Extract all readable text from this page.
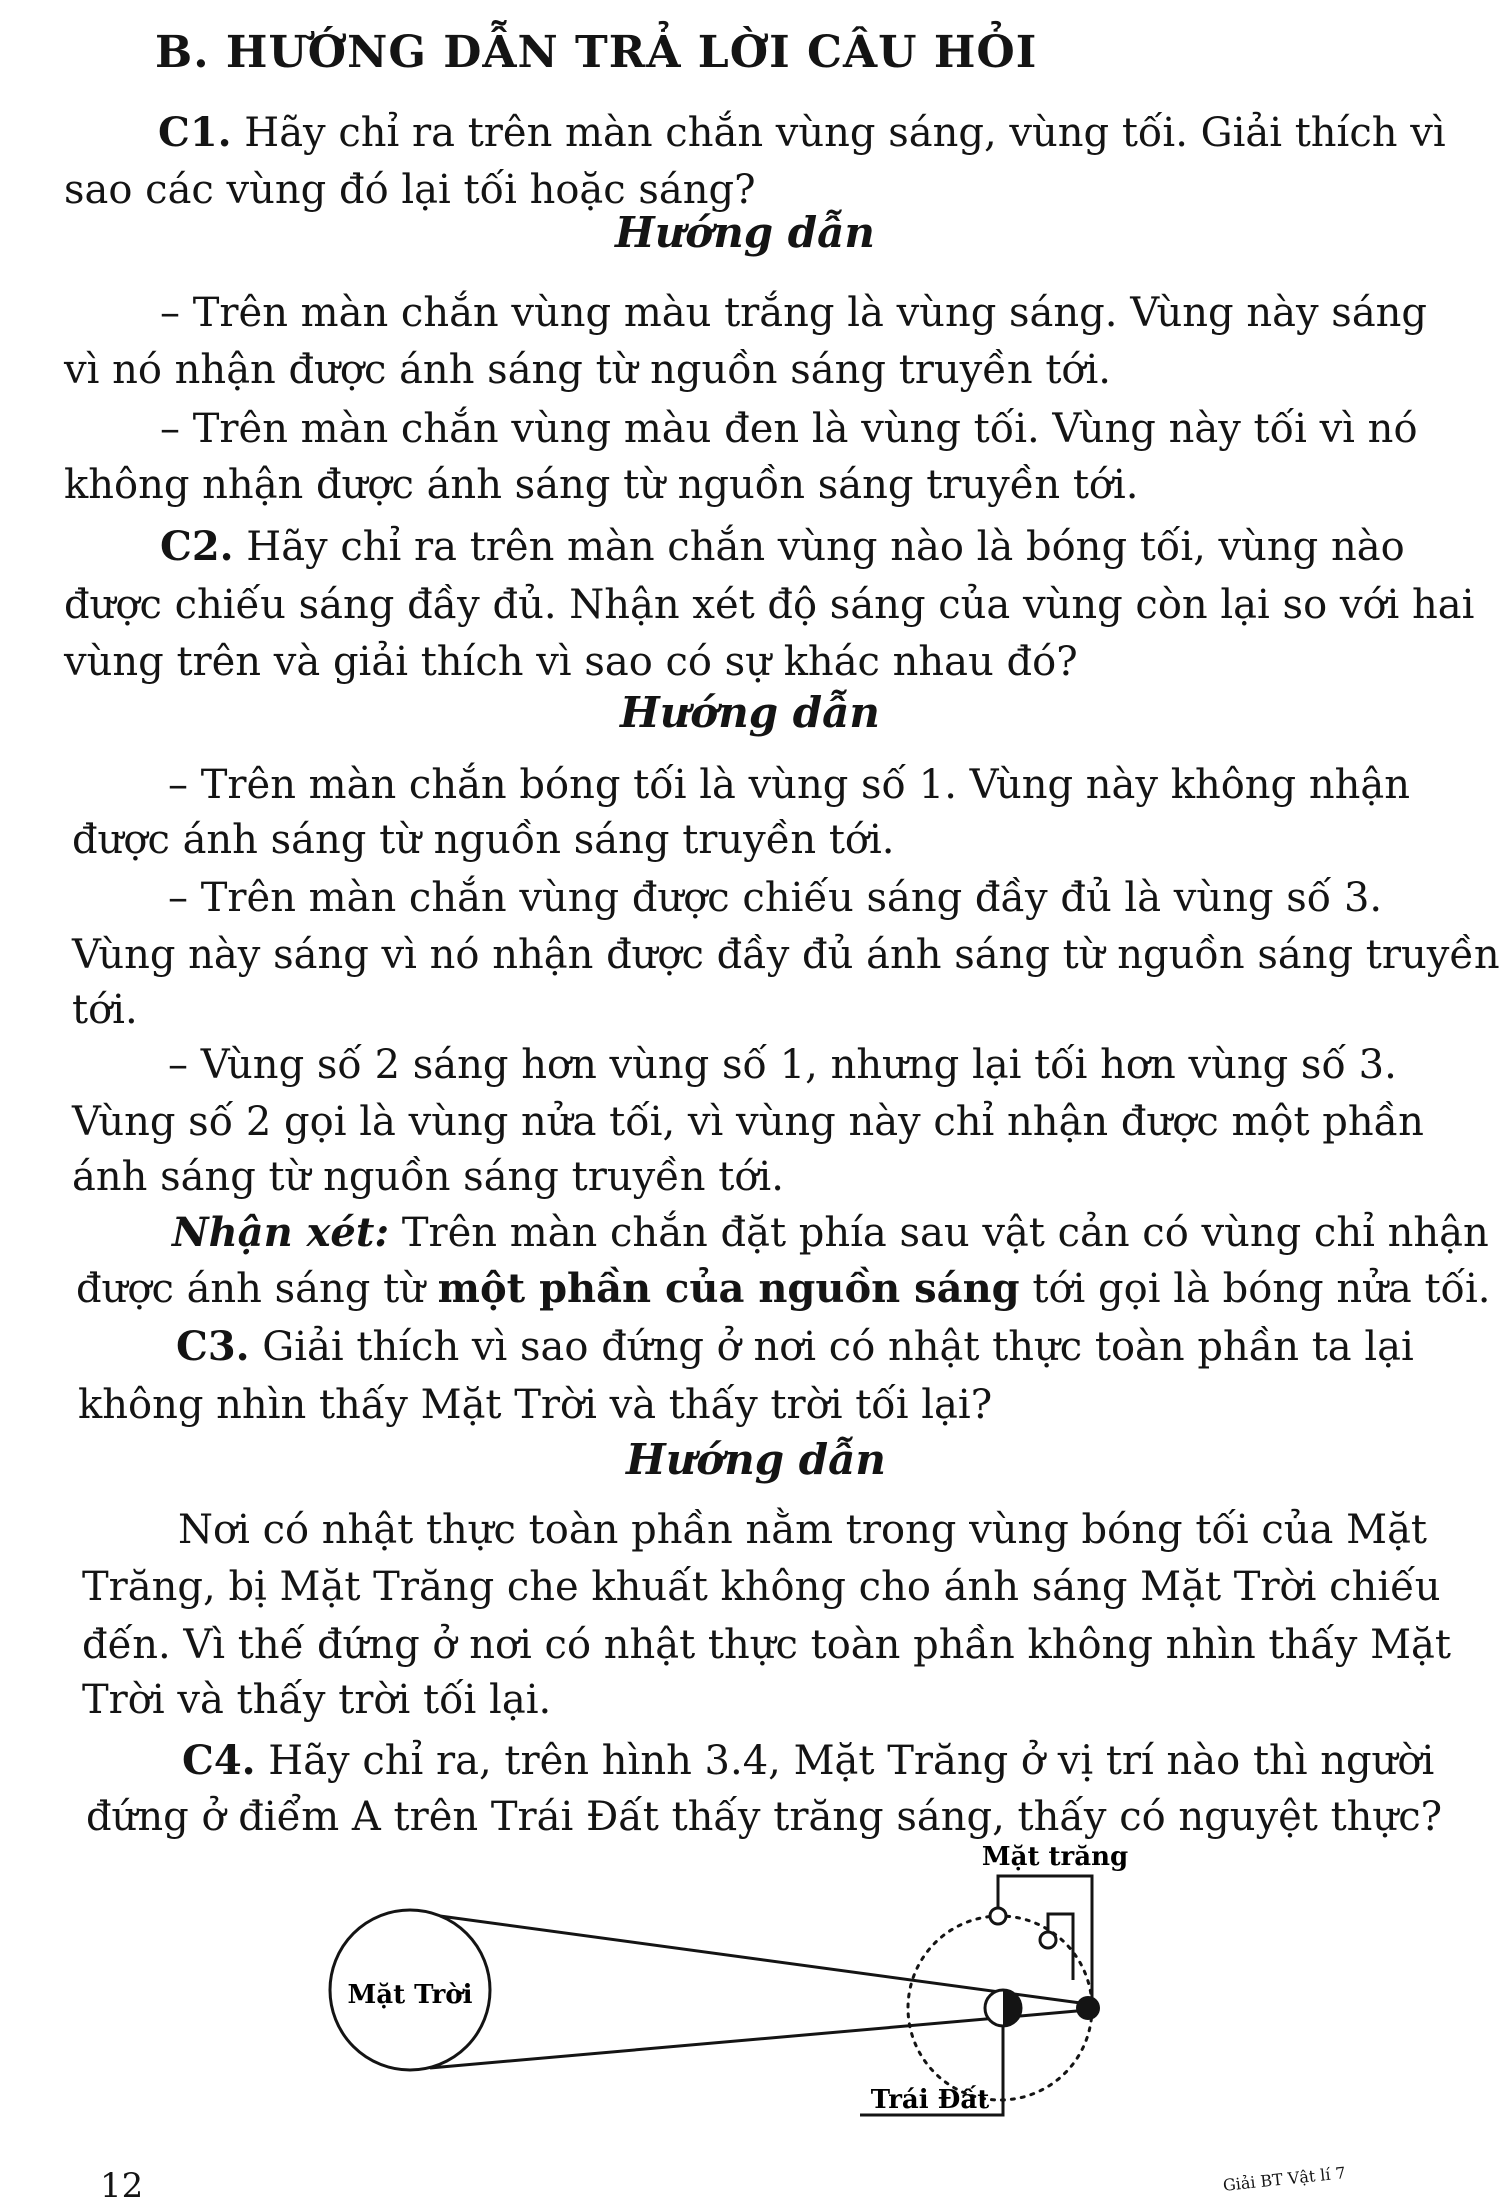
B. HƯỚNG DẪN TRẢ LỜI CÂU HỎI
C1. Hãy chỉ ra trên màn chắn vùng sáng, vùng tối. Giải thích vì
sao các vùng đó lại tối hoặc sáng?
Hướng dẫn
– Trên màn chắn vùng màu trắng là vùng sáng. Vùng này sáng
vì nó nhận được ánh sáng từ nguồn sáng truyền tới.
– Trên màn chắn vùng màu đen là vùng tối. Vùng này tối vì nó
không nhận được ánh sáng từ nguồn sáng truyền tới.
C2. Hãy chỉ ra trên màn chắn vùng nào là bóng tối, vùng nào
được chiếu sáng đầy đủ. Nhận xét độ sáng của vùng còn lại so với hai
vùng trên và giải thích vì sao có sự khác nhau đó?
Hướng dẫn
– Trên màn chắn bóng tối là vùng số 1. Vùng này không nhận
được ánh sáng từ nguồn sáng truyền tới.
– Trên màn chắn vùng được chiếu sáng đầy đủ là vùng số 3.
Vùng này sáng vì nó nhận được đầy đủ ánh sáng từ nguồn sáng truyền
tới.
– Vùng số 2 sáng hơn vùng số 1, nhưng lại tối hơn vùng số 3.
Vùng số 2 gọi là vùng nửa tối, vì vùng này chỉ nhận được một phần
ánh sáng từ nguồn sáng truyền tới.
Nhận xét: Trên màn chắn đặt phía sau vật cản có vùng chỉ nhận
được ánh sáng từ một phần của nguồn sáng tới gọi là bóng nửa tối.
C3. Giải thích vì sao đứng ở nơi có nhật thực toàn phần ta lại
không nhìn thấy Mặt Trời và thấy trời tối lại?
Hướng dẫn
Nơi có nhật thực toàn phần nằm trong vùng bóng tối của Mặt
Trăng, bị Mặt Trăng che khuất không cho ánh sáng Mặt Trời chiếu
đến. Vì thế đứng ở nơi có nhật thực toàn phần không nhìn thấy Mặt
Trời và thấy trời tối lại.
C4. Hãy chỉ ra, trên hình 3.4, Mặt Trăng ở vị trí nào thì người
đứng ở điểm A trên Trái Đất thấy trăng sáng, thấy có nguyệt thực?
Mặt Trời
Mặt trăng
Trái Đất
12	Giải BT Vật lí 7
